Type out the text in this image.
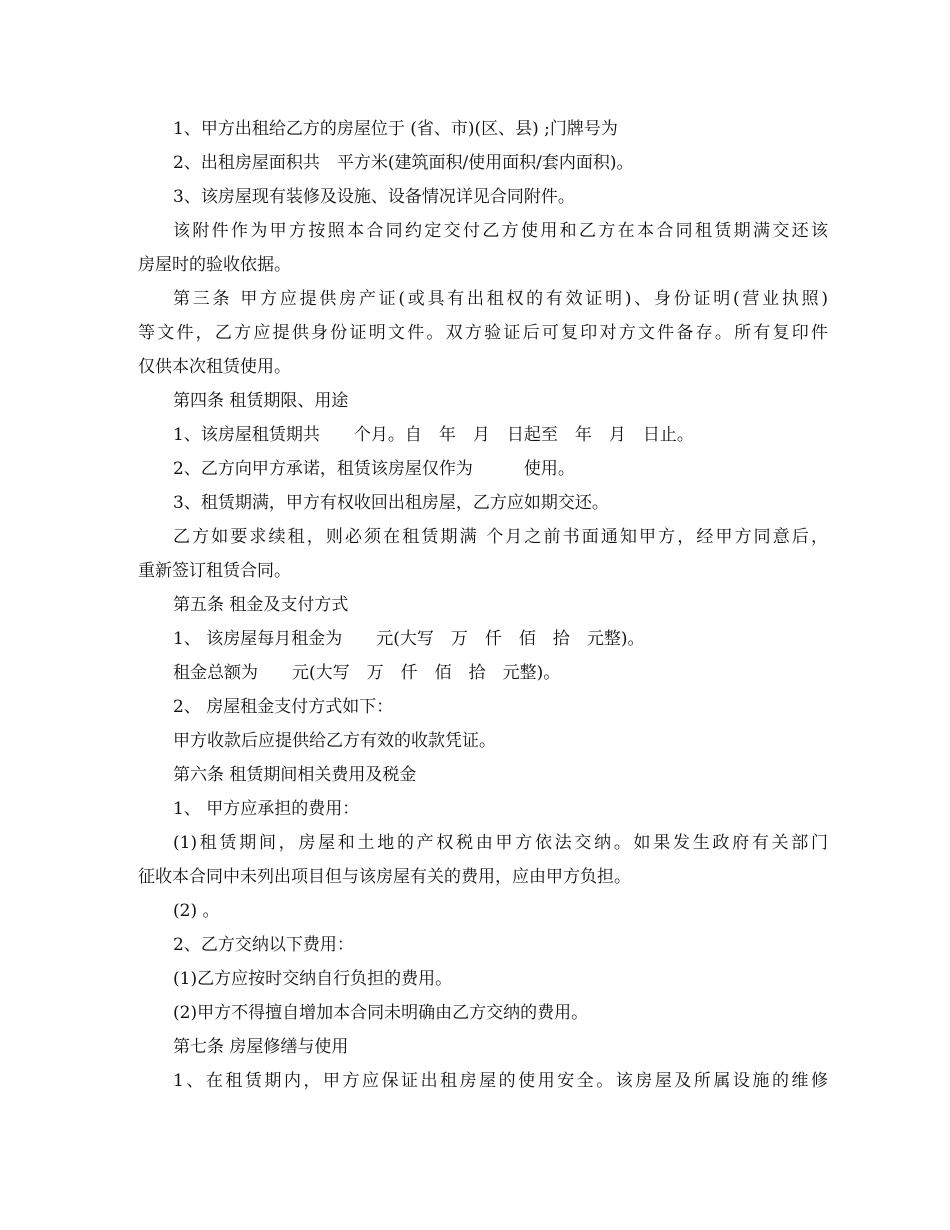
1、甲方出租给乙方的房屋位于 (省、市)(区、县) ;门牌号为
2、出租房屋面积共　平方米(建筑面积/使用面积/套内面积)。
3、该房屋现有装修及设施、设备情况详见合同附件。
该附件作为甲方按照本合同约定交付乙方使用和乙方在本合同租赁期满交还该
房屋时的验收依据。
第三条 甲方应提供房产证(或具有出租权的有效证明)、身份证明(营业执照)
等文件，乙方应提供身份证明文件。双方验证后可复印对方文件备存。所有复印件
仅供本次租赁使用。
第四条 租赁期限、用途
1、该房屋租赁期共　　个月。自　年　月　日起至　年　月　日止。
2、乙方向甲方承诺，租赁该房屋仅作为　　　使用。
3、租赁期满，甲方有权收回出租房屋，乙方应如期交还。
乙方如要求续租，则必须在租赁期满 个月之前书面通知甲方，经甲方同意后，
重新签订租赁合同。
第五条 租金及支付方式
1、 该房屋每月租金为　　元(大写　万　仟　佰　拾　元整)。
租金总额为　　元(大写　万　仟　佰　拾　元整)。
2、 房屋租金支付方式如下：
甲方收款后应提供给乙方有效的收款凭证。
第六条 租赁期间相关费用及税金
1、 甲方应承担的费用：
(1)租赁期间，房屋和土地的产权税由甲方依法交纳。如果发生政府有关部门
征收本合同中未列出项目但与该房屋有关的费用，应由甲方负担。
(2) 。
2、乙方交纳以下费用：
(1)乙方应按时交纳自行负担的费用。
(2)甲方不得擅自增加本合同未明确由乙方交纳的费用。
第七条 房屋修缮与使用
1、在租赁期内，甲方应保证出租房屋的使用安全。该房屋及所属设施的维修
